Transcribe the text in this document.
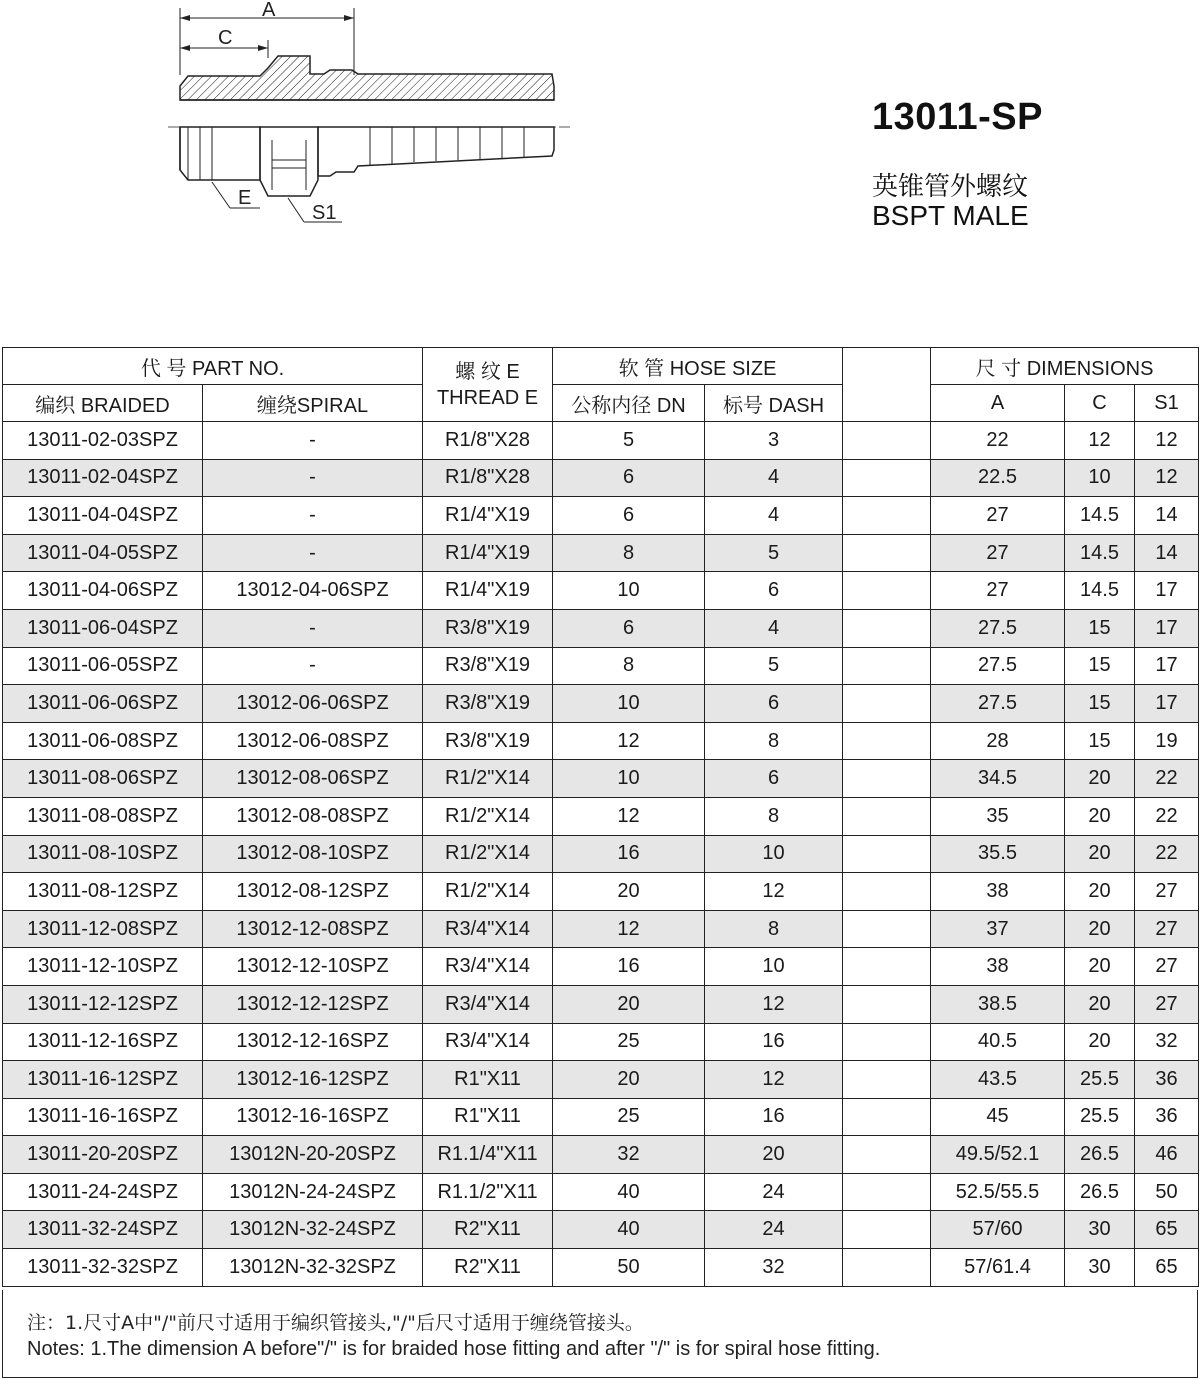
A
C
E
S1
13011-SP
英锥管外螺纹
BSPT MALE
代 号 PART NO.		螺 纹 E
THREAD E	软 管 HOSE SIZE			尺 寸 DIMENSIONS		
编织 BRAIDED	缠绕SPIRAL		公称内径 DN	标号 DASH		A	C	S1
13011-02-03SPZ	-	R1/8"X28	5	3		22	12	12
13011-02-04SPZ	-	R1/8"X28	6	4		22.5	10	12
13011-04-04SPZ	-	R1/4"X19	6	4		27	14.5	14
13011-04-05SPZ	-	R1/4"X19	8	5		27	14.5	14
13011-04-06SPZ	13012-04-06SPZ	R1/4"X19	10	6		27	14.5	17
13011-06-04SPZ	-	R3/8"X19	6	4		27.5	15	17
13011-06-05SPZ	-	R3/8"X19	8	5		27.5	15	17
13011-06-06SPZ	13012-06-06SPZ	R3/8"X19	10	6		27.5	15	17
13011-06-08SPZ	13012-06-08SPZ	R3/8"X19	12	8		28	15	19
13011-08-06SPZ	13012-08-06SPZ	R1/2"X14	10	6		34.5	20	22
13011-08-08SPZ	13012-08-08SPZ	R1/2"X14	12	8		35	20	22
13011-08-10SPZ	13012-08-10SPZ	R1/2"X14	16	10		35.5	20	22
13011-08-12SPZ	13012-08-12SPZ	R1/2"X14	20	12		38	20	27
13011-12-08SPZ	13012-12-08SPZ	R3/4"X14	12	8		37	20	27
13011-12-10SPZ	13012-12-10SPZ	R3/4"X14	16	10		38	20	27
13011-12-12SPZ	13012-12-12SPZ	R3/4"X14	20	12		38.5	20	27
13011-12-16SPZ	13012-12-16SPZ	R3/4"X14	25	16		40.5	20	32
13011-16-12SPZ	13012-16-12SPZ	R1"X11	20	12		43.5	25.5	36
13011-16-16SPZ	13012-16-16SPZ	R1"X11	25	16		45	25.5	36
13011-20-20SPZ	13012N-20-20SPZ	R1.1/4"X11	32	20		49.5/52.1	26.5	46
13011-24-24SPZ	13012N-24-24SPZ	R1.1/2"X11	40	24		52.5/55.5	26.5	50
13011-32-24SPZ	13012N-32-24SPZ	R2"X11	40	24		57/60	30	65
13011-32-32SPZ	13012N-32-32SPZ	R2"X11	50	32		57/61.4	30	65
注：1.尺寸A中"/"前尺寸适用于编织管接头,"/"后尺寸适用于缠绕管接头。
Notes: 1.The dimension A before"/" is for braided hose fitting and after "/" is for spiral hose fitting.
